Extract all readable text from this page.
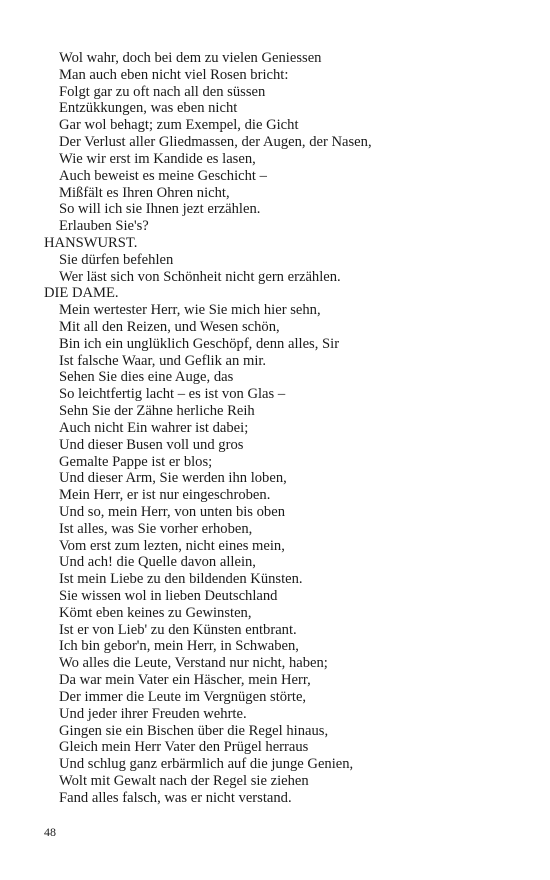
Wol wahr, doch bei dem zu vielen Geniessen
Man auch eben nicht viel Rosen bricht:
Folgt gar zu oft nach all den süssen
Entzükkungen, was eben nicht
Gar wol behagt; zum Exempel, die Gicht
Der Verlust aller Gliedmassen, der Augen, der Nasen,
Wie wir erst im Kandide es lasen,
Auch beweist es meine Geschicht –
Mißfält es Ihren Ohren nicht,
So will ich sie Ihnen jezt erzählen.
Erlauben Sie's?
HANSWURST.
Sie dürfen befehlen
Wer läst sich von Schönheit nicht gern erzählen.
DIE DAME.
Mein wertester Herr, wie Sie mich hier sehn,
Mit all den Reizen, und Wesen schön,
Bin ich ein unglüklich Geschöpf, denn alles, Sir
Ist falsche Waar, und Geflik an mir.
Sehen Sie dies eine Auge, das
So leichtfertig lacht – es ist von Glas –
Sehn Sie der Zähne herliche Reih
Auch nicht Ein wahrer ist dabei;
Und dieser Busen voll und gros
Gemalte Pappe ist er blos;
Und dieser Arm, Sie werden ihn loben,
Mein Herr, er ist nur eingeschroben.
Und so, mein Herr, von unten bis oben
Ist alles, was Sie vorher erhoben,
Vom erst zum lezten, nicht eines mein,
Und ach! die Quelle davon allein,
Ist mein Liebe zu den bildenden Künsten.
Sie wissen wol in lieben Deutschland
Kömt eben keines zu Gewinsten,
Ist er von Lieb' zu den Künsten entbrant.
Ich bin gebor'n, mein Herr, in Schwaben,
Wo alles die Leute, Verstand nur nicht, haben;
Da war mein Vater ein Häscher, mein Herr,
Der immer die Leute im Vergnügen störte,
Und jeder ihrer Freuden wehrte.
Gingen sie ein Bischen über die Regel hinaus,
Gleich mein Herr Vater den Prügel herraus
Und schlug ganz erbärmlich auf die junge Genien,
Wolt mit Gewalt nach der Regel sie ziehen
Fand alles falsch, was er nicht verstand.
48
